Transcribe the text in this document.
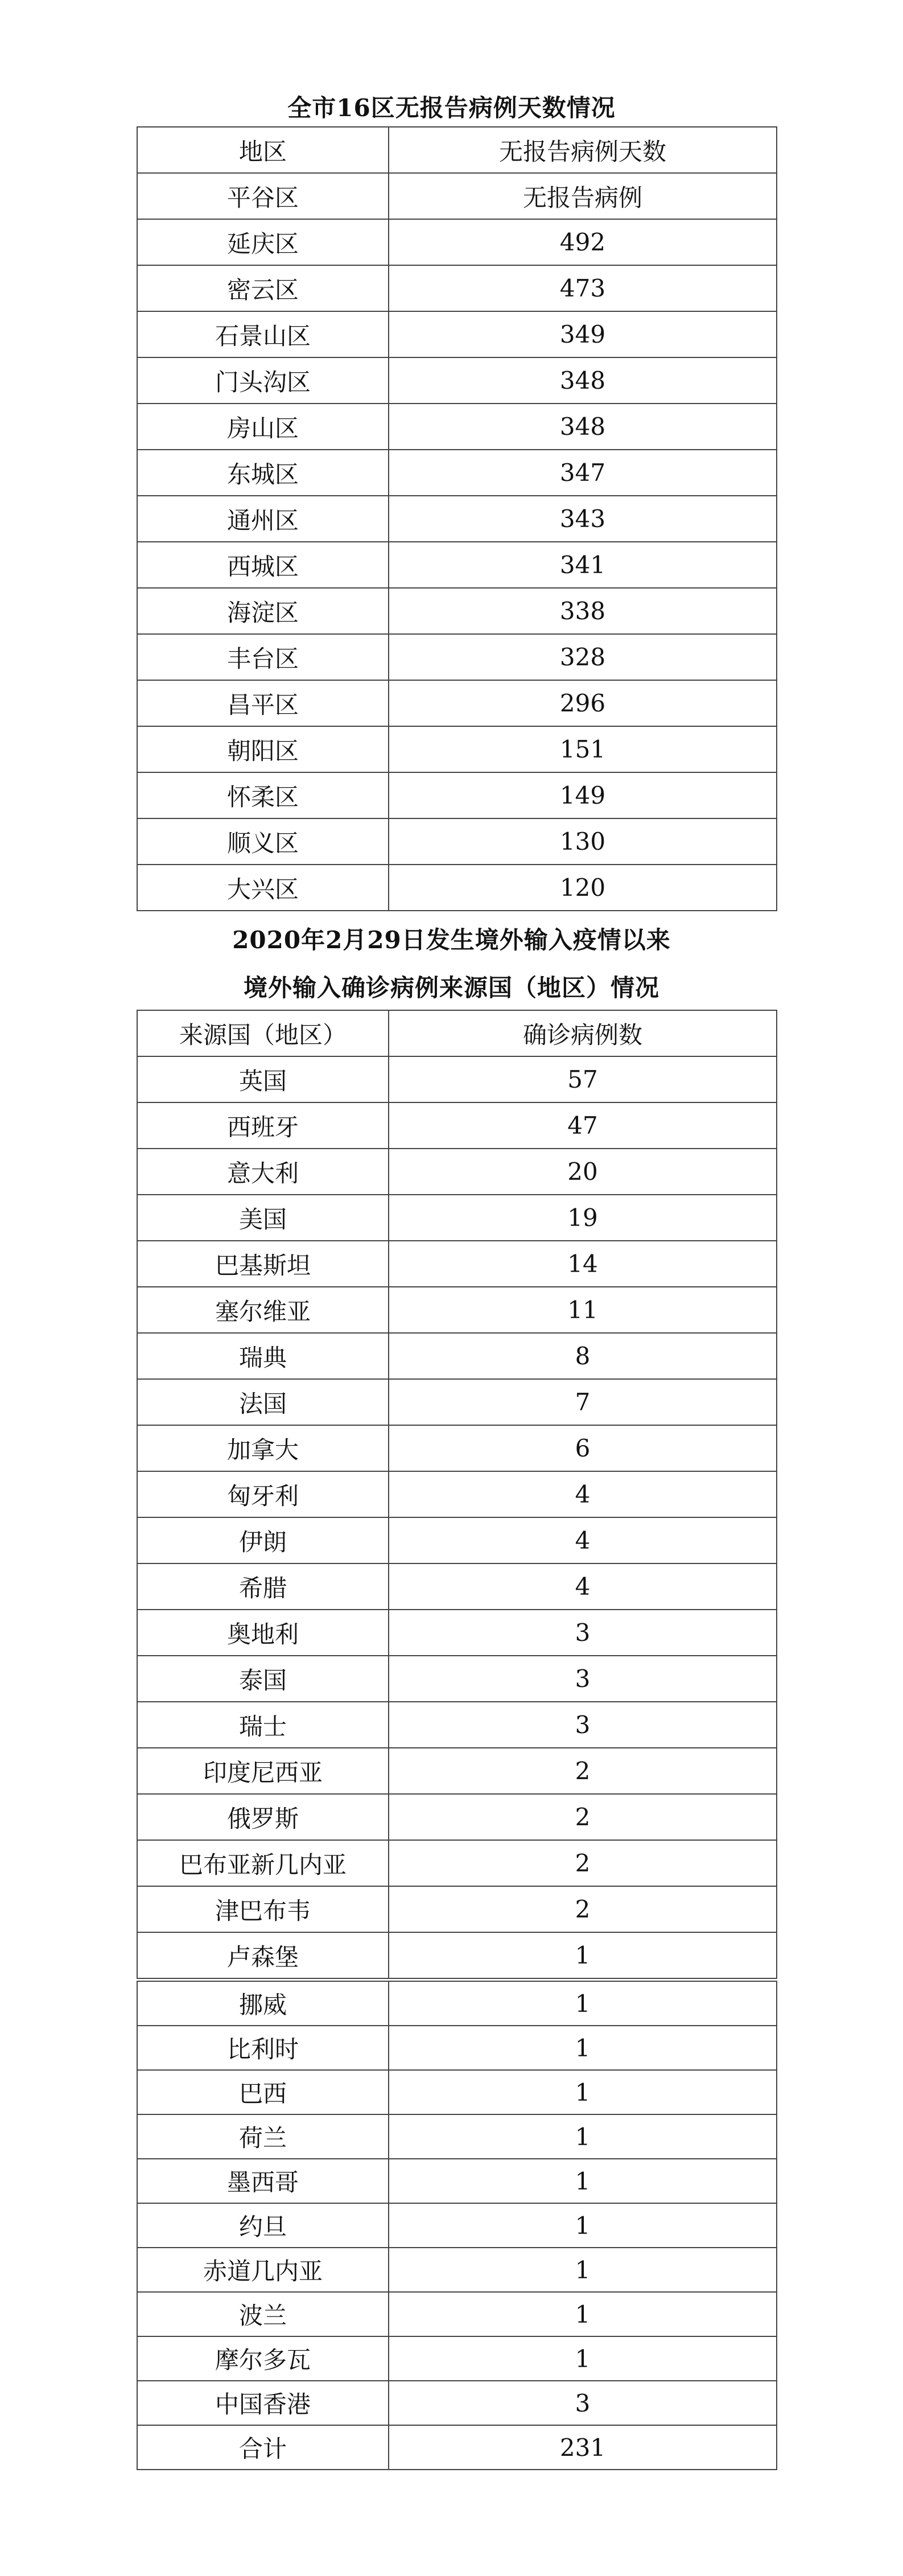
全市16区无报告病例天数情况
地区	无报告病例天数
平谷区	无报告病例
延庆区	492
密云区	473
石景山区	349
门头沟区	348
房山区	348
东城区	347
通州区	343
西城区	341
海淀区	338
丰台区	328
昌平区	296
朝阳区	151
怀柔区	149
顺义区	130
大兴区	120
2020年2月29日发生境外输入疫情以来
境外输入确诊病例来源国（地区）情况
来源国（地区）	确诊病例数
英国	57
西班牙	47
意大利	20
美国	19
巴基斯坦	14
塞尔维亚	11
瑞典	8
法国	7
加拿大	6
匈牙利	4
伊朗	4
希腊	4
奥地利	3
泰国	3
瑞士	3
印度尼西亚	2
俄罗斯	2
巴布亚新几内亚	2
津巴布韦	2
卢森堡	1
挪威	1
比利时	1
巴西	1
荷兰	1
墨西哥	1
约旦	1
赤道几内亚	1
波兰	1
摩尔多瓦	1
中国香港	3
合计	231
